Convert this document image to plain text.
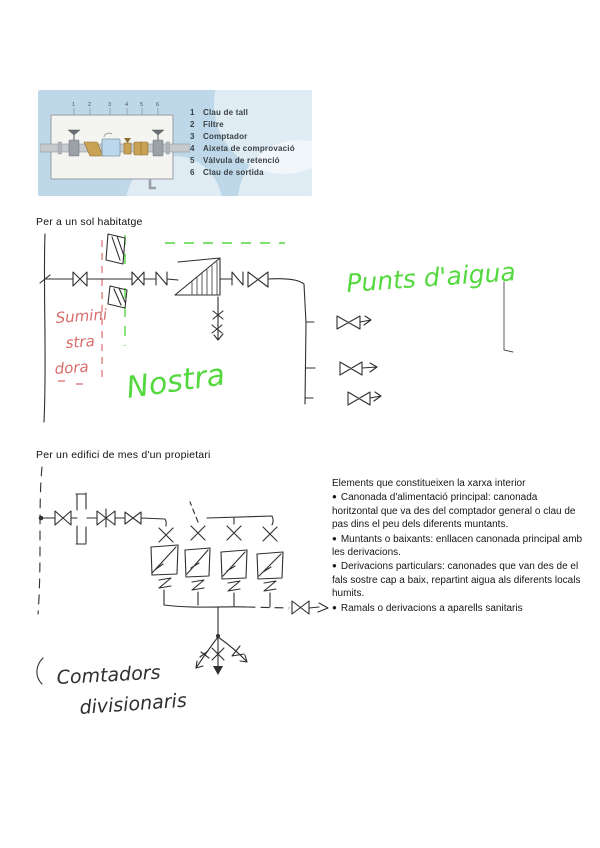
1 2	3	4 5 6
1 Clau de tall
2 Filtre
3 Comptador
4 Aixeta de comprovació
5 Vàlvula de retenció
6 Clau de sortida
Per a un sol habitatge
Punts d'aigua
Sumini
stra
dora Nostra
Per un edifici de mes d'un propietari
Comtadors
divisionaris
Elements que constitueixen la xarxa interior
● Canonada d'alimentació principal: canonada horitzontal que va des del comptador general o clau de pas dins el peu dels diferents muntants.
● Muntants o baixants: enllacen canonada principal amb les derivacions.
● Derivacions particulars: canonades que van des de el fals sostre cap a baix, repartint aigua als diferents locals humits.
● Ramals o derivacions a aparells sanitaris
